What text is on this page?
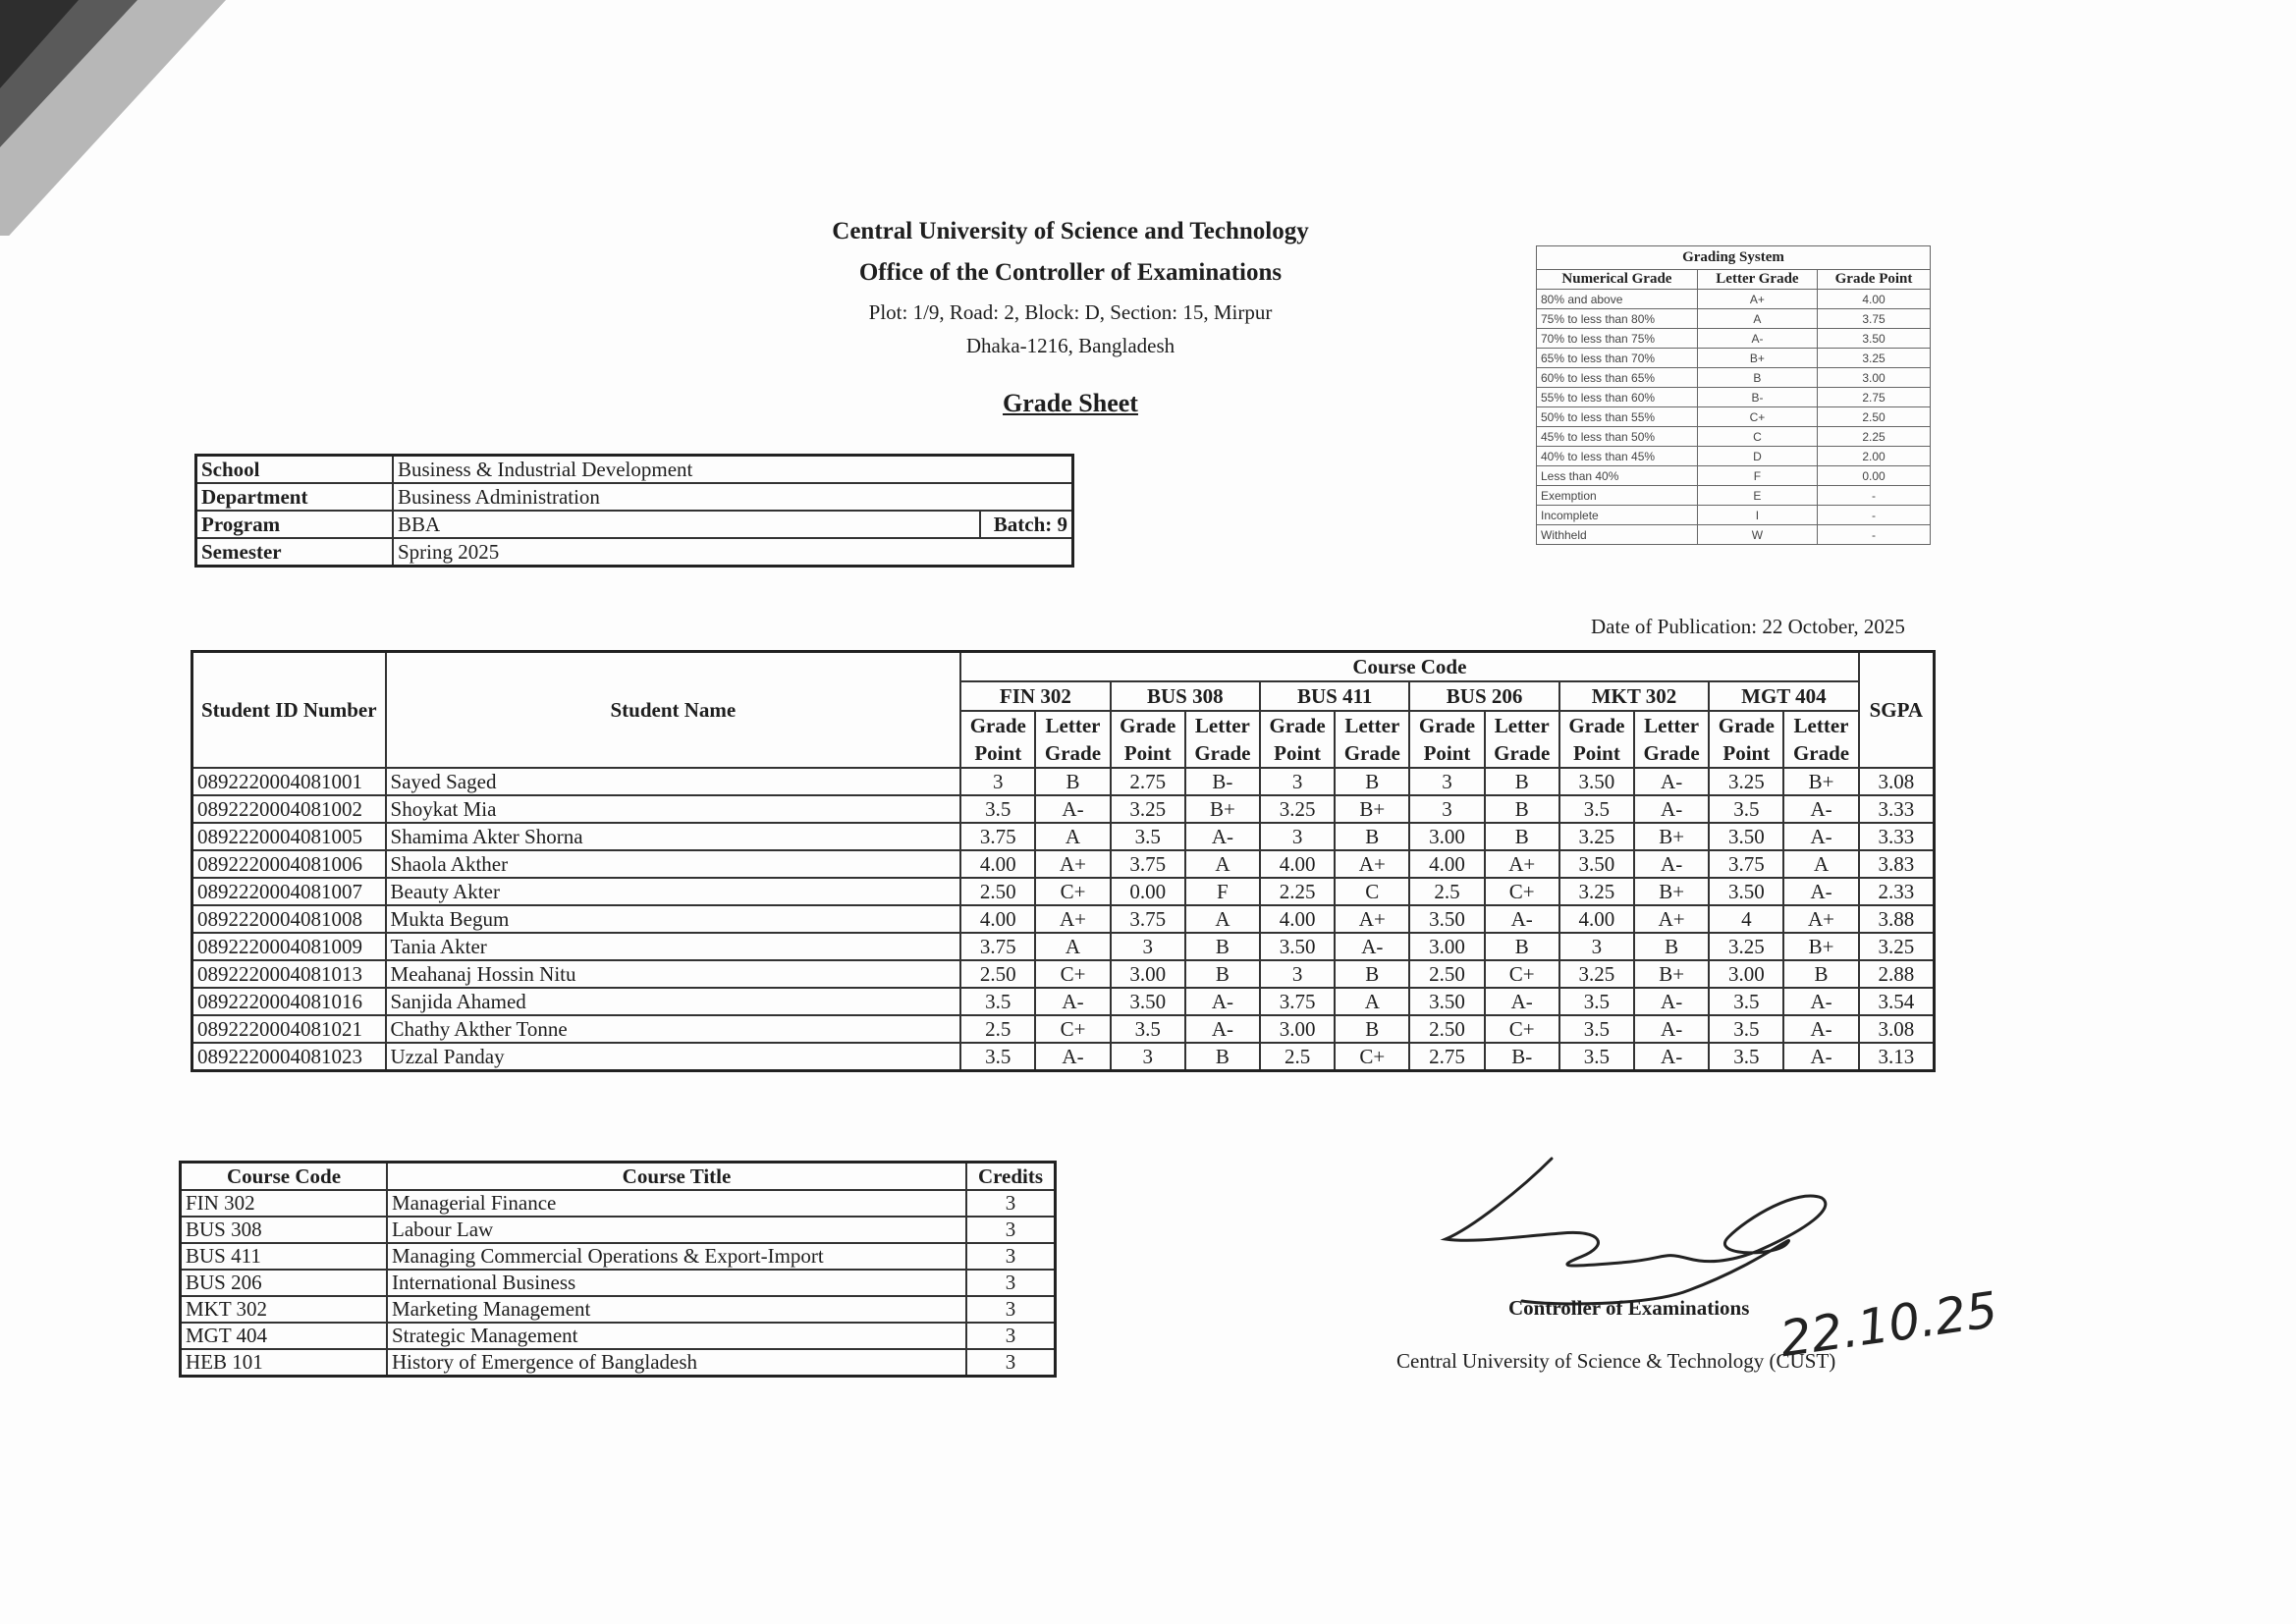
Central University of Science and Technology
Office of the Controller of Examinations
Plot: 1/9, Road: 2, Block: D, Section: 15, Mirpur
Dhaka-1216, Bangladesh
Grade Sheet
School	Business & Industrial Development	
Department	Business Administration	
Program	BBA	Batch: 9
Semester	Spring 2025	
Grading System		
Numerical Grade	Letter Grade	Grade Point
80% and above	A+	4.00
75% to less than 80%	A	3.75
70% to less than 75%	A-	3.50
65% to less than 70%	B+	3.25
60% to less than 65%	B	3.00
55% to less than 60%	B-	2.75
50% to less than 55%	C+	2.50
45% to less than 50%	C	2.25
40% to less than 45%	D	2.00
Less than 40%	F	0.00
Exemption	E	-
Incomplete	I	-
Withheld	W	-
Date of Publication: 22 October, 2025
Student ID Number	Student Name	Course Code												SGPA
		FIN 302		BUS 308		BUS 411		BUS 206		MKT 302		MGT 404		
		Grade Point	Letter Grade	Grade Point	Letter Grade	Grade Point	Letter Grade	Grade Point	Letter Grade	Grade Point	Letter Grade	Grade Point	Letter Grade	
0892220004081001	Sayed Saged	3	B	2.75	B-	3	B	3	B	3.50	A-	3.25	B+	3.08
0892220004081002	Shoykat Mia	3.5	A-	3.25	B+	3.25	B+	3	B	3.5	A-	3.5	A-	3.33
0892220004081005	Shamima Akter Shorna	3.75	A	3.5	A-	3	B	3.00	B	3.25	B+	3.50	A-	3.33
0892220004081006	Shaola Akther	4.00	A+	3.75	A	4.00	A+	4.00	A+	3.50	A-	3.75	A	3.83
0892220004081007	Beauty Akter	2.50	C+	0.00	F	2.25	C	2.5	C+	3.25	B+	3.50	A-	2.33
0892220004081008	Mukta Begum	4.00	A+	3.75	A	4.00	A+	3.50	A-	4.00	A+	4	A+	3.88
0892220004081009	Tania Akter	3.75	A	3	B	3.50	A-	3.00	B	3	B	3.25	B+	3.25
0892220004081013	Meahanaj Hossin Nitu	2.50	C+	3.00	B	3	B	2.50	C+	3.25	B+	3.00	B	2.88
0892220004081016	Sanjida Ahamed	3.5	A-	3.50	A-	3.75	A	3.50	A-	3.5	A-	3.5	A-	3.54
0892220004081021	Chathy Akther Tonne	2.5	C+	3.5	A-	3.00	B	2.50	C+	3.5	A-	3.5	A-	3.08
0892220004081023	Uzzal Panday	3.5	A-	3	B	2.5	C+	2.75	B-	3.5	A-	3.5	A-	3.13
Course Code	Course Title	Credits
FIN 302	Managerial Finance	3
BUS 308	Labour Law	3
BUS 411	Managing Commercial Operations & Export-Import	3
BUS 206	International Business	3
MKT 302	Marketing Management	3
MGT 404	Strategic Management	3
HEB 101	History of Emergence of Bangladesh	3
Controller of Examinations 22.10.25
Central University of Science & Technology (CUST)
